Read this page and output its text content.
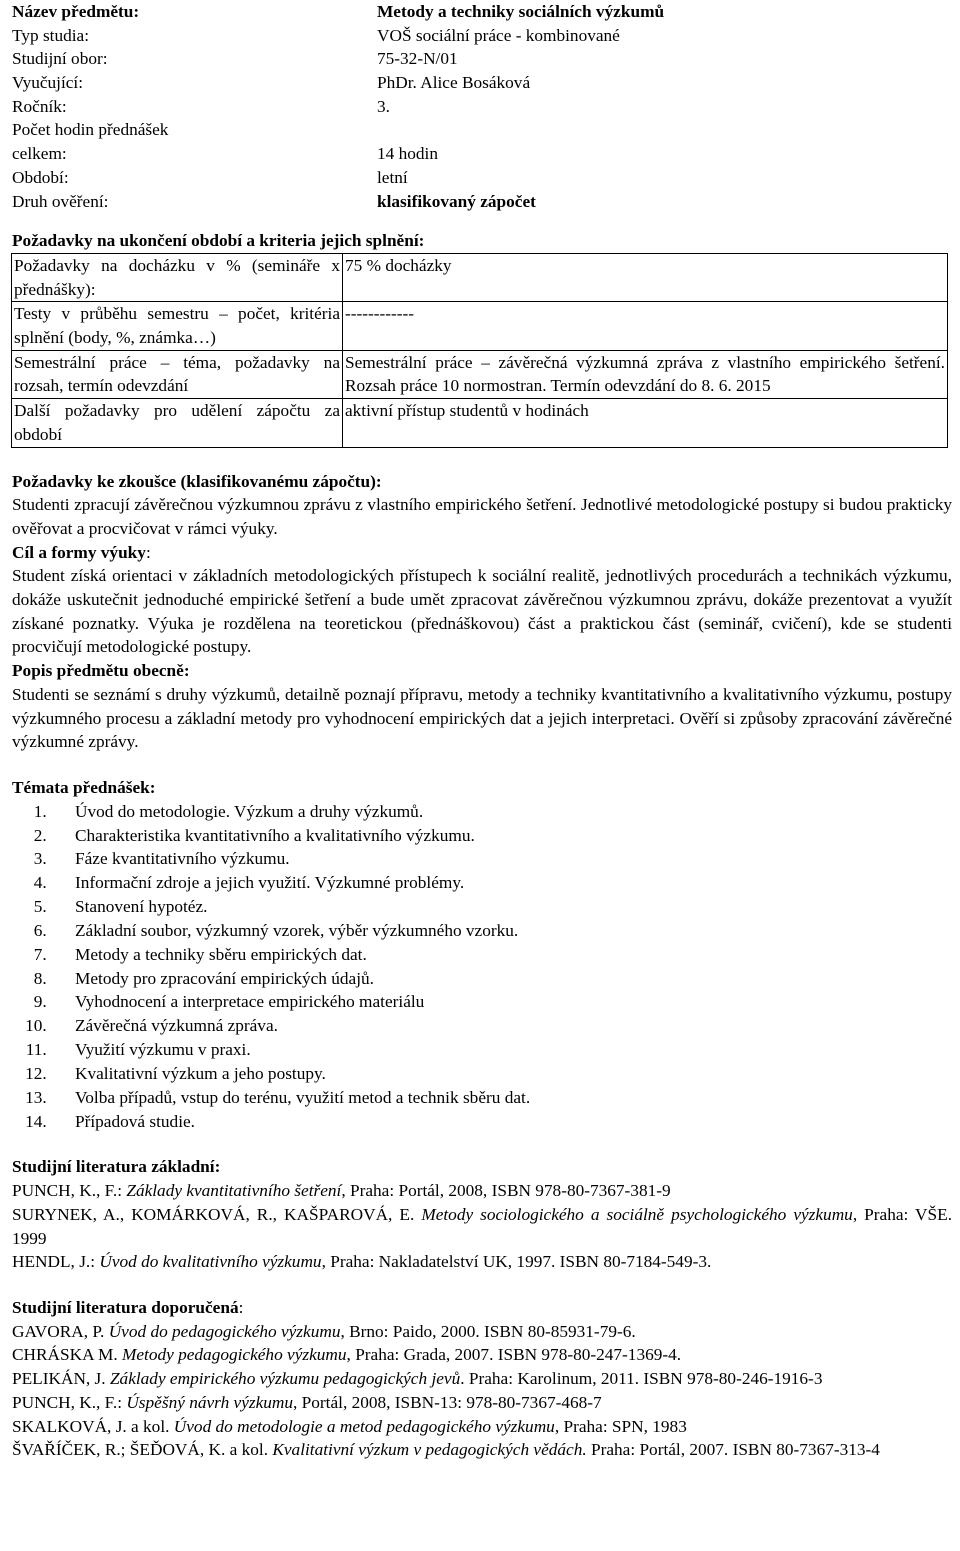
Název předmětu:	Metody a techniky sociálních výzkumů
Typ studia:	VOŠ sociální práce - kombinované
Studijní obor:	75-32-N/01
Vyučující:	PhDr. Alice Bosáková
Ročník:	3.
Počet hodin přednášek
celkem:	14 hodin
Období:	letní
Druh ověření:	klasifikovaný zápočet
Požadavky na ukončení období a kriteria jejich splnění:
Požadavky na docházku v % (semináře x přednášky):	75 % docházky
Testy v průběhu semestru – počet, kritéria splnění (body, %, známka…)	------------
Semestrální práce – téma, požadavky na rozsah, termín odevzdání	Semestrální práce – závěrečná výzkumná zpráva z vlastního empirického šetření. Rozsah práce 10 normostran. Termín odevzdání do 8. 6. 2015
Další požadavky pro udělení zápočtu za období	aktivní přístup studentů v hodinách
Požadavky ke zkoušce (klasifikovanému zápočtu):

Studenti zpracují závěrečnou výzkumnou zprávu z vlastního empirického šetření. Jednotlivé metodologické postupy si budou prakticky ověřovat a procvičovat v rámci výuky.

Cíl a formy výuky:

Student získá orientaci v základních metodologických přístupech k sociální realitě, jednotlivých procedurách a technikách výzkumu, dokáže uskutečnit jednoduché empirické šetření a bude umět zpracovat závěrečnou výzkumnou zprávu, dokáže prezentovat a využít získané poznatky. Výuka je rozdělena na teoretickou (přednáškovou) část a praktickou část (seminář, cvičení), kde se studenti procvičují metodologické postupy.

Popis předmětu obecně:

Studenti se seznámí s druhy výzkumů, detailně poznají přípravu, metody a techniky kvantitativního a kvalitativního výzkumu, postupy výzkumného procesu a základní metody pro vyhodnocení empirických dat a jejich interpretaci. Ověří si způsoby zpracování závěrečné výzkumné zprávy.

Témata přednášek:
1. Úvod do metodologie. Výzkum a druhy výzkumů.
2. Charakteristika kvantitativního a kvalitativního výzkumu.
3. Fáze kvantitativního výzkumu.
4. Informační zdroje a jejich využití. Výzkumné problémy.
5. Stanovení hypotéz.
6. Základní soubor, výzkumný vzorek, výběr výzkumného vzorku.
7. Metody a techniky sběru empirických dat.
8. Metody pro zpracování empirických údajů.
9. Vyhodnocení a interpretace empirického materiálu
10. Závěrečná výzkumná zpráva.
11. Využití výzkumu v praxi.
12. Kvalitativní výzkum a jeho postupy.
13. Volba případů, vstup do terénu, využití metod a technik sběru dat.
14. Případová studie.
Studijní literatura základní:

PUNCH, K., F.: Základy kvantitativního šetření, Praha: Portál, 2008, ISBN 978-80-7367-381-9

SURYNEK, A., KOMÁRKOVÁ, R., KAŠPAROVÁ, E. Metody sociologického a sociálně psychologického výzkumu, Praha: VŠE. 1999

HENDL, J.: Úvod do kvalitativního výzkumu, Praha: Nakladatelství UK, 1997. ISBN 80-7184-549-3.

Studijní literatura doporučená:

GAVORA, P. Úvod do pedagogického výzkumu, Brno: Paido, 2000. ISBN 80-85931-79-6.

CHRÁSKA M. Metody pedagogického výzkumu, Praha: Grada, 2007. ISBN 978-80-247-1369-4.

PELIKÁN, J. Základy empirického výzkumu pedagogických jevů. Praha: Karolinum, 2011. ISBN 978-80-246-1916-3

PUNCH, K., F.: Úspěšný návrh výzkumu, Portál, 2008, ISBN-13: 978-80-7367-468-7

SKALKOVÁ, J. a kol. Úvod do metodologie a metod pedagogického výzkumu, Praha: SPN, 1983

ŠVAŘÍČEK, R.; ŠEĎOVÁ, K. a kol. Kvalitativní výzkum v pedagogických vědách. Praha: Portál, 2007. ISBN 80-7367-313-4
